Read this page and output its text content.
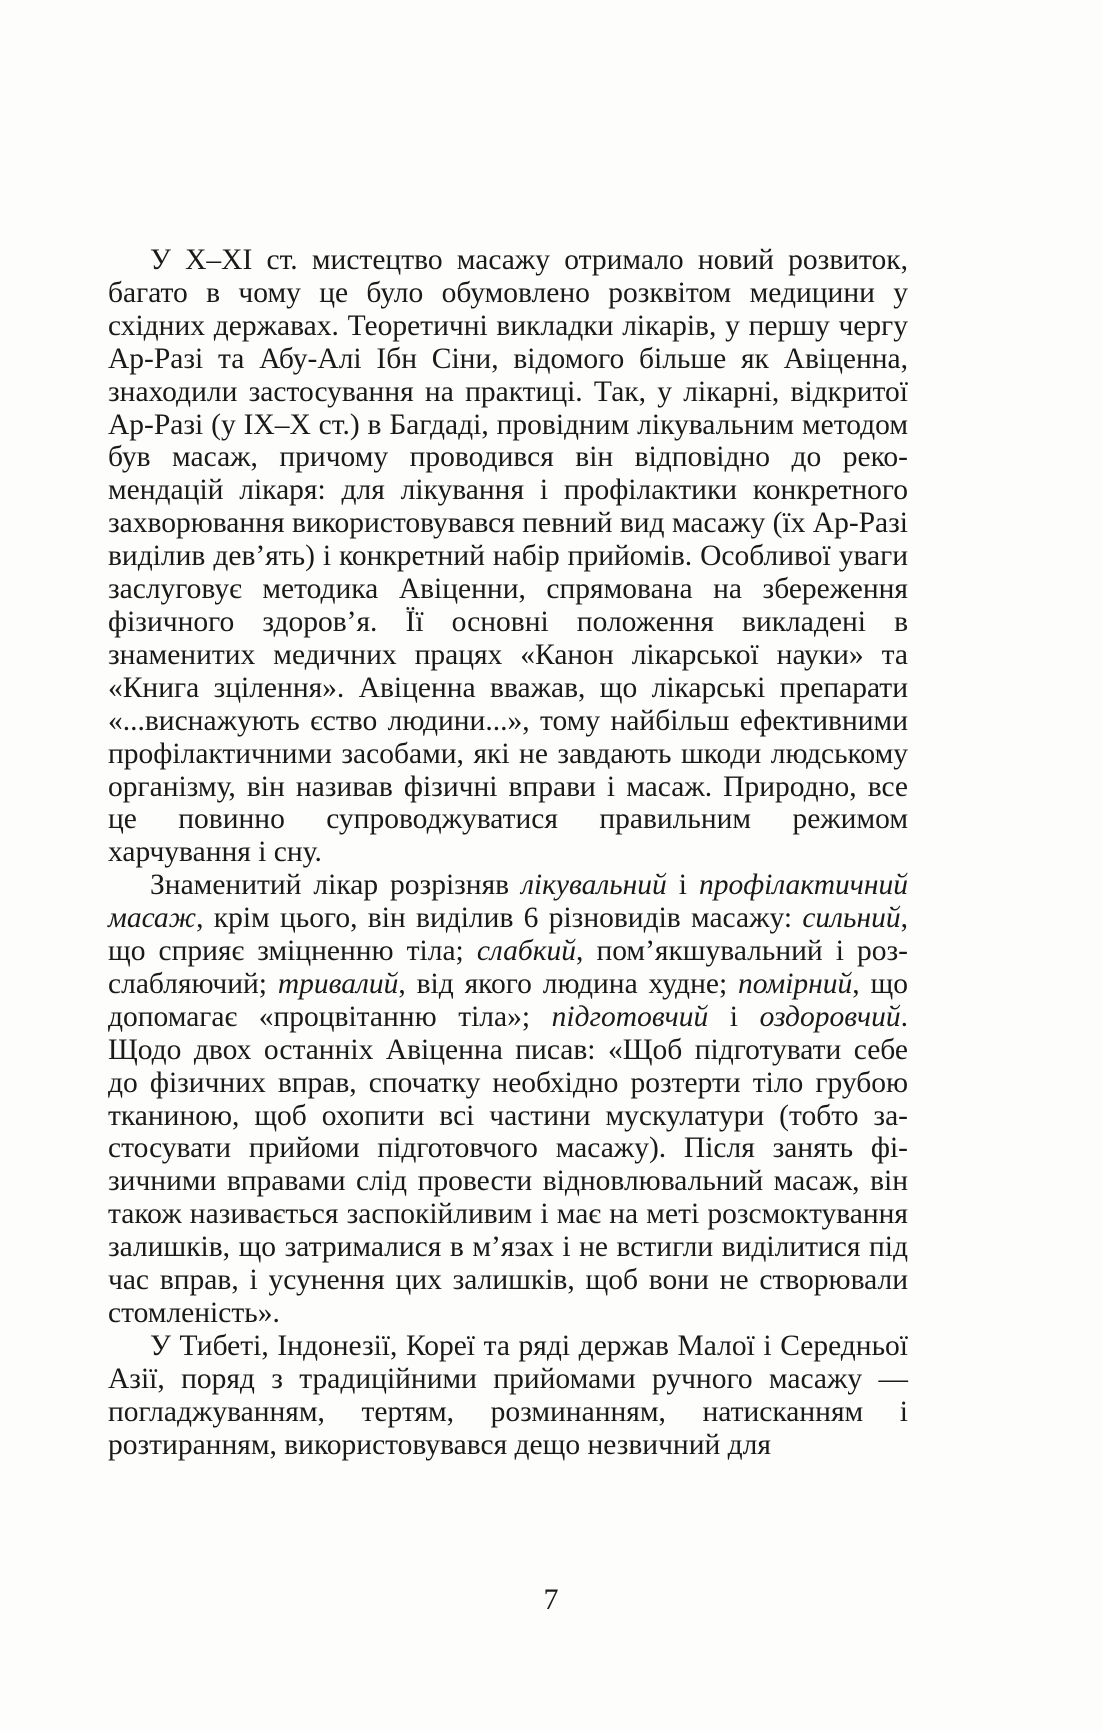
У X–XI ст. мистецтво масажу отримало новий розвиток, багато в чому це було обумовлено розквітом медицини у східних державах. Теоретичні викладки лікарів, у першу чергу Ар-Разі та Абу-Алі Ібн Сіни, відомого більше як Авіценна, знаходили застосування на практиці. Так, у лікарні, відкритої Ар-Разі (у IX–X ст.) в Багдаді, провідним лікувальним методом був масаж, причому проводився він відповідно до рекомендацій лікаря: для лікування і профілактики конкретного захворювання використовувався певний вид масажу (їх Ар-Разі виділив дев’ять) і конкретний набір прийомів. Особливої уваги заслуговує методика Авіценни, спрямована на збереження фізичного здоров’я. Її основні положення викладені в знаменитих медичних працях «Канон лікарської науки» та «Книга зцілення». Авіценна вважав, що лікарські препарати «...виснажують єство людини...», тому найбільш ефективними профілактичними засобами, які не завдають шкоди людському організму, він називав фізичні вправи і масаж. Природно, все це повинно супроводжуватися правильним режимом харчування і сну.

Знаменитий лікар розрізняв лікувальний і профілактичний масаж, крім цього, він виділив 6 різновидів масажу: сильний, що сприяє зміцненню тіла; слабкий, пом’якшувальний і розслабляючий; тривалий, від якого людина худне; помірний, що допомагає «процвітанню тіла»; підготовчий і оздоровчий. Щодо двох останніх Авіценна писав: «Щоб підготувати себе до фізичних вправ, спочатку необхідно розтерти тіло грубою тканиною, щоб охопити всі частини мускулатури (тобто застосувати прийоми підготовчого масажу). Після занять фізичними вправами слід провести відновлювальний масаж, він також називається заспокійливим і має на меті розсмоктування залишків, що затрималися в м’язах і не встигли виділитися під час вправ, і усунення цих залишків, щоб вони не створювали стомленість».

У Тибеті, Індонезії, Кореї та ряді держав Малої і Середньої Азії, поряд з традиційними прийомами ручного масажу — погладжуванням, тертям, розминанням, натисканням і розтиранням, використовувався дещо незвичний для

7
